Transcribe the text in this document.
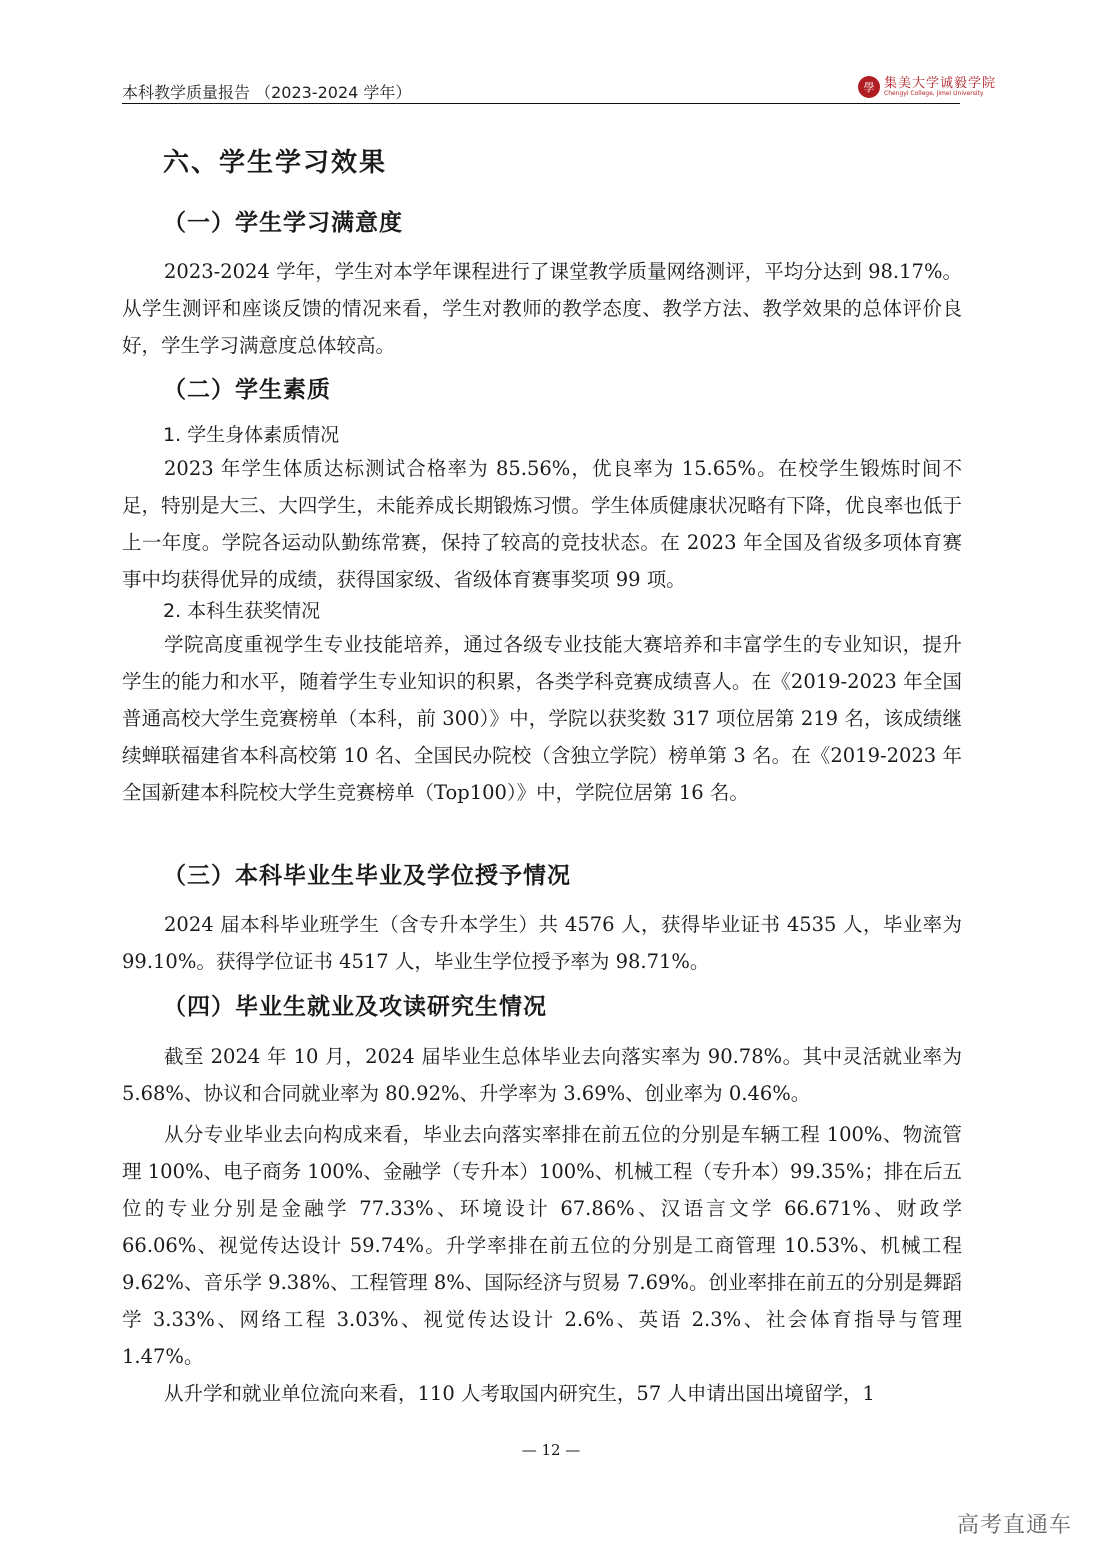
本科教学质量报告 （2023-2024 学年）	學 集美大学诚毅学院
Chengyi College, Jimei University
六、学生学习效果
（一）学生学习满意度

2023-2024 学年，学生对本学年课程进行了课堂教学质量网络测评，平均分达到 98.17%。从学生测评和座谈反馈的情况来看，学生对教师的教学态度、教学方法、教学效果的总体评价良好，学生学习满意度总体较高。

（二）学生素质
1. 学生身体素质情况

2023 年学生体质达标测试合格率为 85.56%，优良率为 15.65%。在校学生锻炼时间不足，特别是大三、大四学生，未能养成长期锻炼习惯。学生体质健康状况略有下降，优良率也低于上一年度。学院各运动队勤练常赛，保持了较高的竞技状态。在 2023 年全国及省级多项体育赛事中均获得优异的成绩，获得国家级、省级体育赛事奖项 99 项。

2. 本科生获奖情况

学院高度重视学生专业技能培养，通过各级专业技能大赛培养和丰富学生的专业知识，提升学生的能力和水平，随着学生专业知识的积累，各类学科竞赛成绩喜人。在《2019-2023 年全国普通高校大学生竞赛榜单（本科，前 300）》中，学院以获奖数 317 项位居第 219 名，该成绩继续蝉联福建省本科高校第 10 名、全国民办院校（含独立学院）榜单第 3 名。在《2019-2023 年全国新建本科院校大学生竞赛榜单（Top100）》中，学院位居第 16 名。

（三）本科毕业生毕业及学位授予情况

2024 届本科毕业班学生（含专升本学生）共 4576 人，获得毕业证书 4535 人，毕业率为 99.10%。获得学位证书 4517 人，毕业生学位授予率为 98.71%。

（四）毕业生就业及攻读研究生情况

截至 2024 年 10 月，2024 届毕业生总体毕业去向落实率为 90.78%。其中灵活就业率为 5.68%、协议和合同就业率为 80.92%、升学率为 3.69%、创业率为 0.46%。

从分专业毕业去向构成来看，毕业去向落实率排在前五位的分别是车辆工程 100%、物流管理 100%、电子商务 100%、金融学（专升本）100%、机械工程（专升本）99.35%；排在后五位的专业分别是金融学 77.33%、环境设计 67.86%、汉语言文学 66.671%、财政学 66.06%、视觉传达设计 59.74%。升学率排在前五位的分别是工商管理 10.53%、机械工程 9.62%、音乐学 9.38%、工程管理 8%、国际经济与贸易 7.69%。创业率排在前五的分别是舞蹈学 3.33%、网络工程 3.03%、视觉传达设计 2.6%、英语 2.3%、社会体育指导与管理 1.47%。

从升学和就业单位流向来看，110 人考取国内研究生，57 人申请出国出境留学，1

— 12 —
高考直通车
